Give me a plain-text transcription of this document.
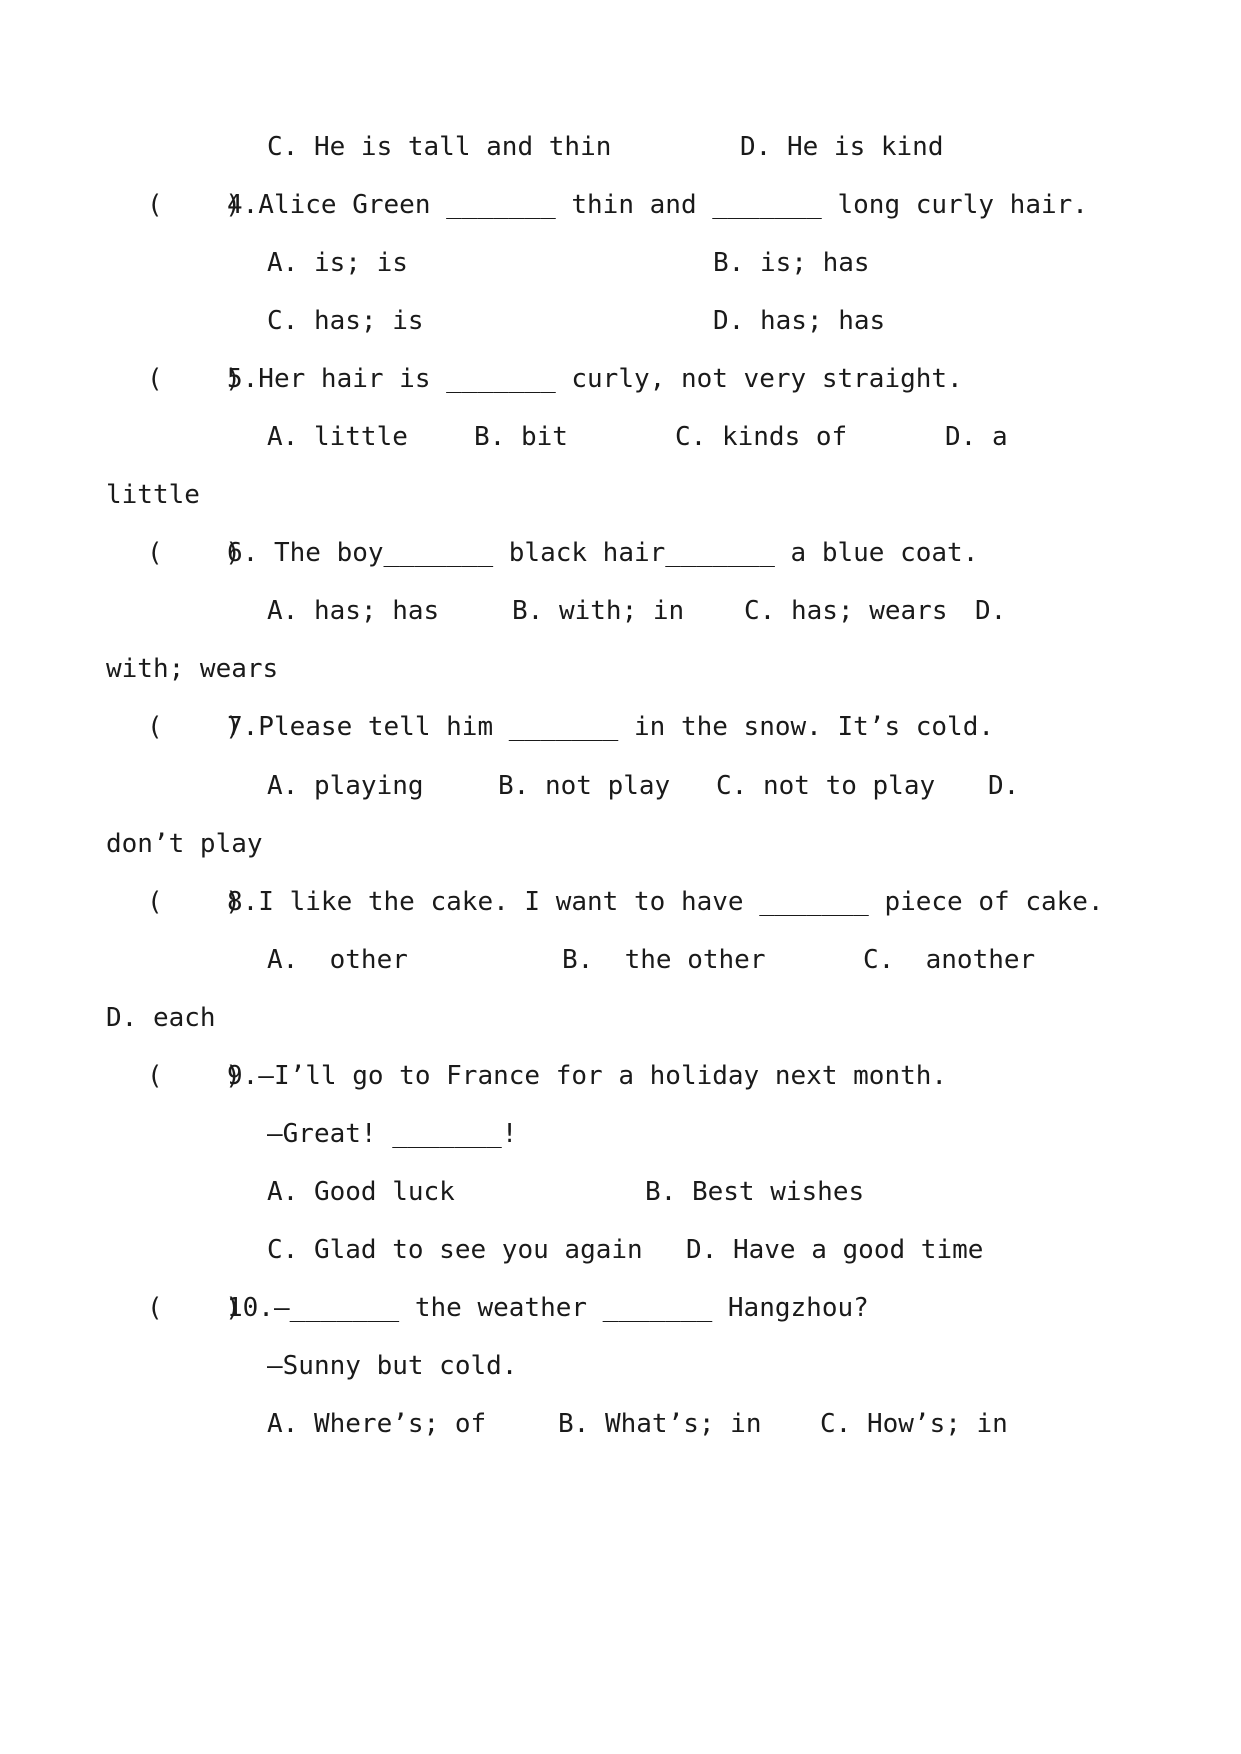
C. He is tall and thin	D. He is kind
(    )
4.Alice Green _______ thin and _______ long curly hair.
A. is; is	B. is; has
C. has; is	D. has; has
(    )
5.Her hair is _______ curly, not very straight.
A. little	B. bit	C. kinds of	D. a
little
(    )
6. The boy_______ black hair_______ a blue coat.
A. has; has	B. with; in C. has; wears D.
with; wears
(    )
7.Please tell him _______ in the snow. It’s cold.
A. playing	B. not play C. not to play D.
don’t play
(    )
8.I like the cake. I want to have _______ piece of cake.
A.  other	B.  the other	C.  another
D. each
(    )
9.—I’ll go to France for a holiday next month.
—Great! _______!
A. Good luck	B. Best wishes
C. Glad to see you again D. Have a good time
(    )
10.—_______ the weather _______ Hangzhou?
—Sunny but cold.
A. Where’s; of	B. What’s; in C. How’s; in
